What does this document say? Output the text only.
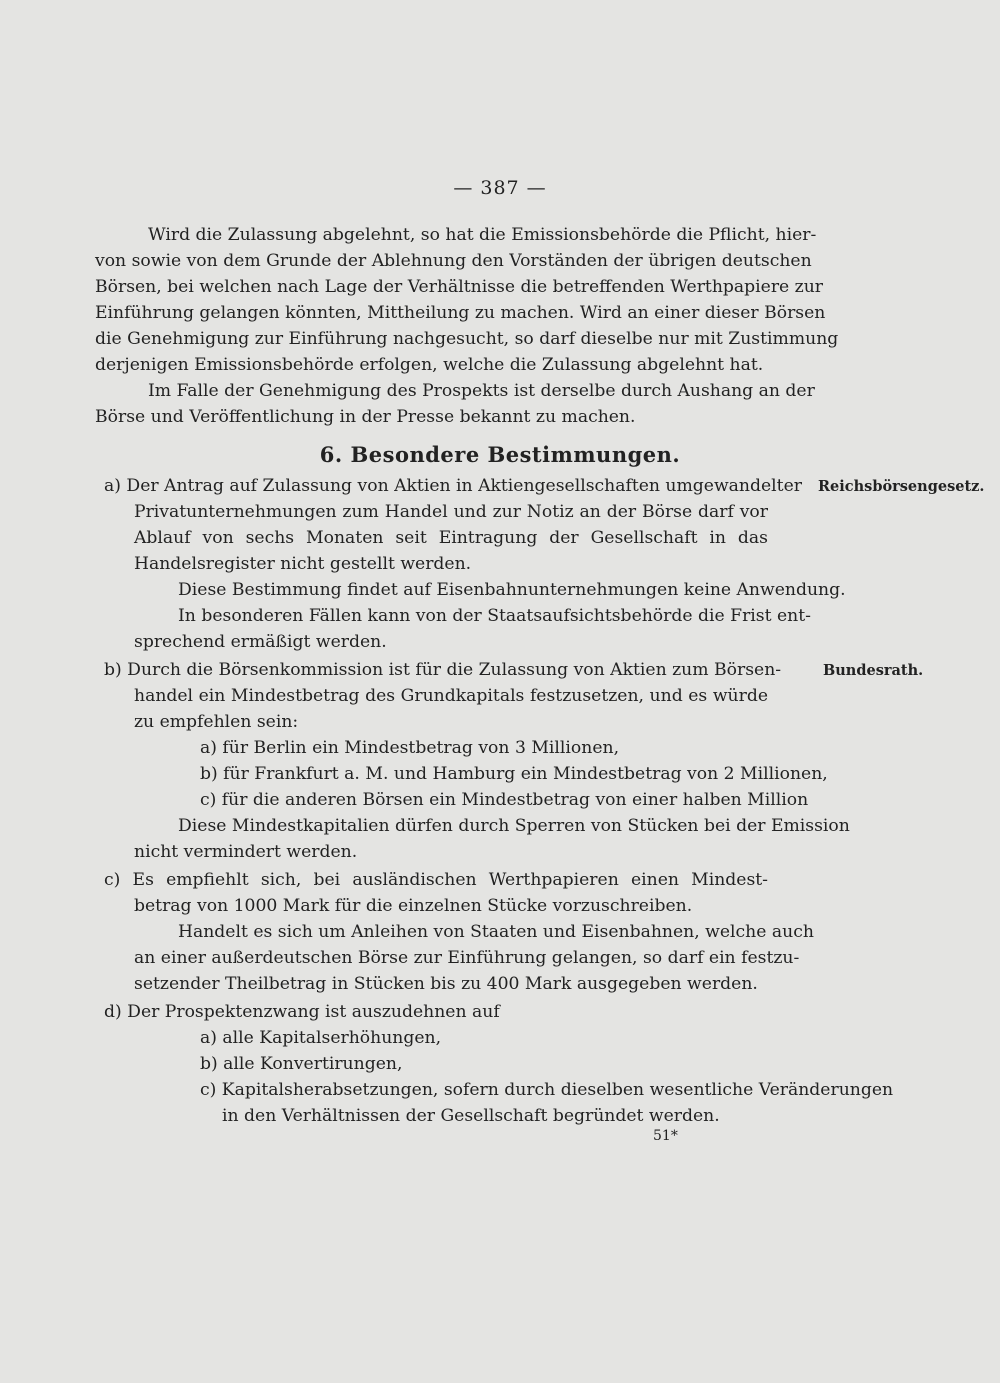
— 387 —
Wird die Zulassung abgelehnt, so hat die Emissionsbehörde die Pflicht, hier-
von sowie von dem Grunde der Ablehnung den Vorständen der übrigen deutschen
Börsen, bei welchen nach Lage der Verhältnisse die betreffenden Werthpapiere zur
Einführung gelangen könnten, Mittheilung zu machen. Wird an einer dieser Börsen
die Genehmigung zur Einführung nachgesucht, so darf dieselbe nur mit Zustimmung
derjenigen Emissionsbehörde erfolgen, welche die Zulassung abgelehnt hat.
Im Falle der Genehmigung des Prospekts ist derselbe durch Aushang an der
Börse und Veröffentlichung in der Presse bekannt zu machen.
6. Besondere Bestimmungen.
Reichsbörsengesetz.
a) Der Antrag auf Zulassung von Aktien in Aktiengesellschaften umgewandelter
Privatunternehmungen zum Handel und zur Notiz an der Börse darf vor
Ablauf von sechs Monaten seit Eintragung der Gesellschaft in das
Handelsregister nicht gestellt werden.
Diese Bestimmung findet auf Eisenbahnunternehmungen keine Anwendung.
In besonderen Fällen kann von der Staatsaufsichtsbehörde die Frist ent-
sprechend ermäßigt werden.
Bundesrath.
b) Durch die Börsenkommission ist für die Zulassung von Aktien zum Börsen-
handel ein Mindestbetrag des Grundkapitals festzusetzen, und es würde
zu empfehlen sein:
a) für Berlin ein Mindestbetrag von 3 Millionen,
b) für Frankfurt a. M. und Hamburg ein Mindestbetrag von 2 Millionen,
c) für die anderen Börsen ein Mindestbetrag von einer halben Million
Diese Mindestkapitalien dürfen durch Sperren von Stücken bei der Emission
nicht vermindert werden.
c) Es empfiehlt sich, bei ausländischen Werthpapieren einen Mindest-
betrag von 1000 Mark für die einzelnen Stücke vorzuschreiben.
Handelt es sich um Anleihen von Staaten und Eisenbahnen, welche auch
an einer außerdeutschen Börse zur Einführung gelangen, so darf ein festzu-
setzender Theilbetrag in Stücken bis zu 400 Mark ausgegeben werden.
d) Der Prospektenzwang ist auszudehnen auf
a) alle Kapitalserhöhungen,
b) alle Konvertirungen,
c) Kapitalsherabsetzungen, sofern durch dieselben wesentliche Veränderungen
in den Verhältnissen der Gesellschaft begründet werden.
51*
